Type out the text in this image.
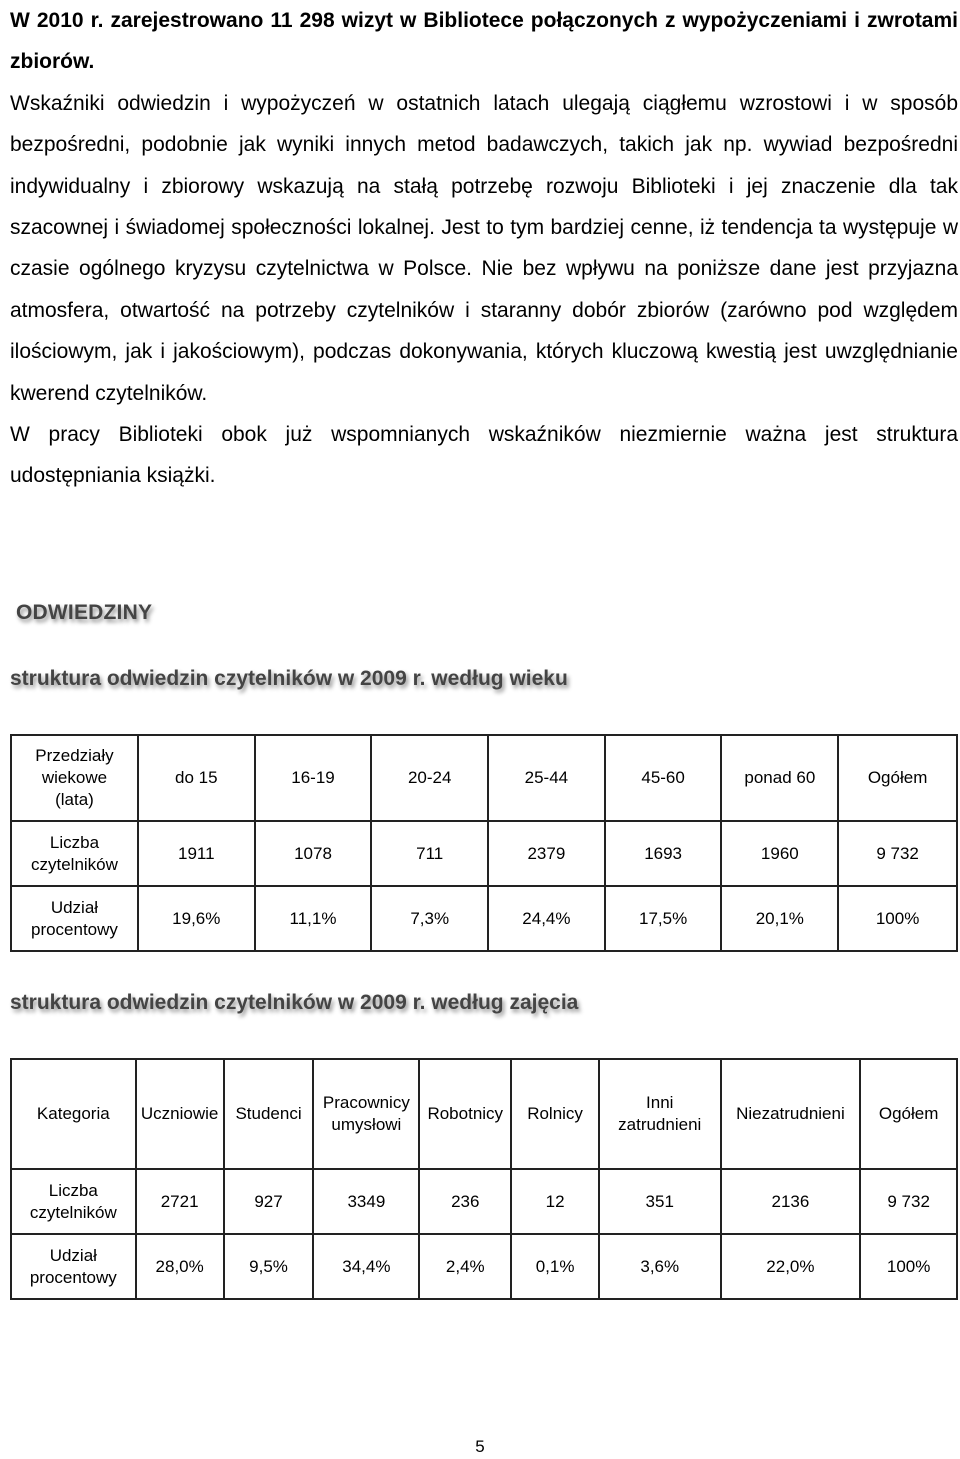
W 2010 r. zarejestrowano 11 298 wizyt w Bibliotece połączonych z wypożyczeniami i zwrotami zbiorów.

Wskaźniki odwiedzin i wypożyczeń w ostatnich latach ulegają ciągłemu wzrostowi i w sposób bezpośredni, podobnie jak wyniki innych metod badawczych, takich jak np. wywiad bezpośredni indywidualny i zbiorowy wskazują na stałą potrzebę rozwoju Biblioteki i jej znaczenie dla tak szacownej i świadomej społeczności lokalnej. Jest to tym bardziej cenne, iż tendencja ta występuje w czasie ogólnego kryzysu czytelnictwa w Polsce. Nie bez wpływu na poniższe dane jest przyjazna atmosfera, otwartość na potrzeby czytelników i staranny dobór zbiorów (zarówno pod względem ilościowym, jak i jakościowym), podczas dokonywania, których kluczową kwestią jest uwzględnianie kwerend czytelników.

W pracy Biblioteki obok już wspomnianych wskaźników niezmiernie ważna jest struktura udostępniania książki.

ODWIEDZINY
struktura odwiedzin czytelników w 2009 r. według wieku
Przedziały wiekowe (lata)	do 15	16-19	20-24	25-44	45-60	ponad 60	Ogółem
Liczba czytelników	1911	1078	711	2379	1693	1960	9 732
Udział procentowy	19,6%	11,1%	7,3%	24,4%	17,5%	20,1%	100%
struktura odwiedzin czytelników w 2009 r. według zajęcia
Kategoria	Uczniowie	Studenci	Pracownicy umysłowi	Robotnicy	Rolnicy	Inni zatrudnieni	Niezatrudnieni	Ogółem
Liczba czytelników	2721	927	3349	236	12	351	2136	9 732
Udział procentowy	28,0%	9,5%	34,4%	2,4%	0,1%	3,6%	22,0%	100%
5
